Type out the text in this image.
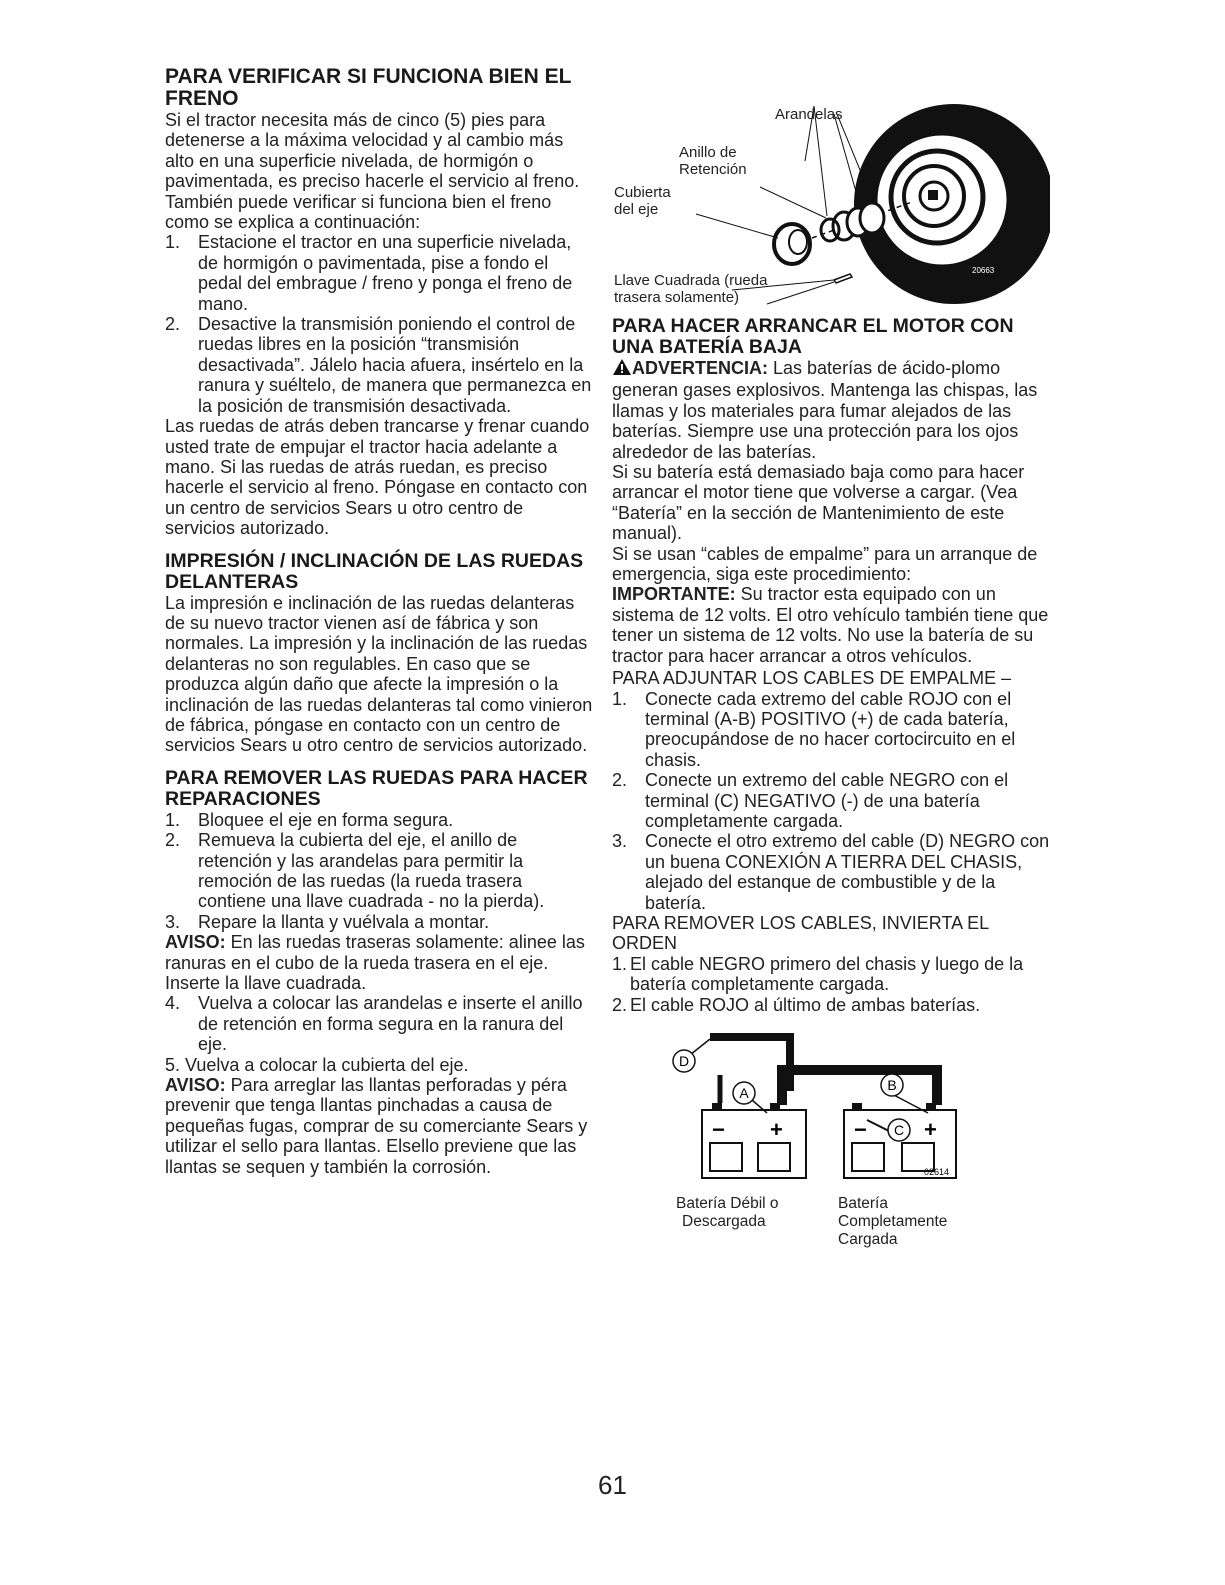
PARA VERIFICAR SI FUNCIONA BIEN EL FRENO

Si el tractor necesita más de cinco (5) pies para detenerse a la máxima velocidad y al cambio más alto en una superficie nivelada, de hormigón o pavimentada, es preciso hacerle el servicio al freno.

También puede verificar si funciona bien el freno como se explica a continuación:

1. Estacione el tractor en una superficie nivelada, de hormigón o pavimentada, pise a fondo el pedal del embrague / freno y ponga el freno de mano.
2. Desactive la transmisión poniendo el control de ruedas libres en la posición “transmisión desactivada”. Jálelo hacia afuera, insértelo en la ranura y suéltelo, de manera que permanezca en la posición de transmisión desactivada.

Las ruedas de atrás deben trancarse y frenar cuando usted trate de empujar el tractor hacia adelante a mano. Si las ruedas de atrás ruedan, es preciso hacerle el servicio al freno. Póngase en contacto con un centro de servicios Sears u otro centro de servicios autorizado.

IMPRESIÓN / INCLINACIÓN DE LAS RUEDAS DELANTERAS

La impresión e inclinación de las ruedas delanteras de su nuevo tractor vienen así de fábrica y son normales. La impresión y la inclinación de las ruedas delanteras no son regulables. En caso que se produzca algún daño que afecte la impresión o la inclinación de las ruedas delanteras tal como vinieron de fábrica, póngase en contacto con un centro de servicios Sears u otro centro de servicios autorizado.

PARA REMOVER LAS RUEDAS PARA HACER REPARACIONES
1. Bloquee el eje en forma segura.
2. Remueva la cubierta del eje, el anillo de retención y las arandelas para permitir la remoción de las ruedas (la rueda trasera contiene una llave cuadrada - no la pierda).
3. Repare la llanta y vuélvala a montar.

AVISO: En las ruedas traseras solamente: alinee las ranuras en el cubo de la rueda trasera en el eje. Inserte la llave cuadrada.

4. Vuelva a colocar las arandelas e inserte el anillo de retención en forma segura en la ranura del eje.

5. Vuelva a colocar la cubierta del eje.

AVISO: Para arreglar las llantas perforadas y péra prevenir que tenga llantas pinchadas a causa de pequeñas fugas, comprar de su comerciante Sears y utilizar el sello para llantas. Elsello previene que las llantas se sequen y también la corrosión.

Arandelas
Anillo de
Retención
Cubierta
del eje
Llave Cuadrada (rueda
trasera solamente)
20663
PARA HACER ARRANCAR EL MOTOR CON UNA BATERÍA BAJA

ADVERTENCIA: Las baterías de ácido-plomo generan gases explosivos. Mantenga las chispas, las llamas y los materiales para fumar alejados de las baterías. Siempre use una protección para los ojos alrededor de las baterías.

Si su batería está demasiado baja como para hacer arrancar el motor tiene que volverse a cargar. (Vea “Batería” en la sección de Mantenimiento de este manual).

Si se usan “cables de empalme” para un arranque de emergencia, siga este procedimiento:

IMPORTANTE: Su tractor esta equipado con un sistema de 12 volts. El otro vehículo también tiene que tener un sistema de 12 volts. No use la batería de su tractor para hacer arrancar a otros vehículos.

PARA ADJUNTAR LOS CABLES DE EMPALME –

1. Conecte cada extremo del cable ROJO con el terminal (A-B) POSITIVO (+) de cada batería, preocupándose de no hacer cortocircuito en el chasis.
2. Conecte un extremo del cable NEGRO con el terminal (C) NEGATIVO (-) de una batería completamente cargada.
3. Conecte el otro extremo del cable (D) NEGRO con un buena CONEXIÓN A TIERRA DEL CHASIS, alejado del estanque de combustible y de la batería.

PARA REMOVER LOS CABLES, INVIERTA EL ORDEN

1. El cable NEGRO primero del chasis y luego de la batería completamente cargada.
2. El cable ROJO al último de ambas baterías.
D
A	B
C
− +	−	+
02614
Batería Débil o
Descargada
Batería
Completamente
Cargada
61
